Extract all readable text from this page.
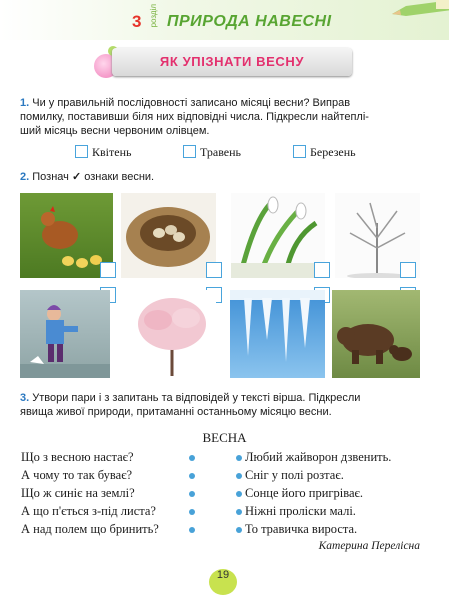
3 розділ ПРИРОДА НАВЕСНІ
ЯК УПІЗНАТИ ВЕСНУ
1. Чи у правильній послідовності записано місяці весни? Виправ
помилку, поставивши біля них відповідні числа. Підкресли найтеплі-
ший місяць весни червоним олівцем.
Квітень	Травень	Березень
2. Познач ✓ ознаки весни.
3. Утвори пари і з запитань та відповідей у тексті вірша. Підкресли
явища живої природи, притаманні останньому місяцю весни.
ВЕСНА
Що з весною настає?
А чому то так буває?
Що ж синіє на землі?
А що п'ється з-під листа?
А над полем що бринить?
Любий жайворон дзвенить.
Сніг у полі розтає.
Сонце його пригріває.
Ніжні пролiски малі.
То травичка вироста.
Катерина Перелісна
19
